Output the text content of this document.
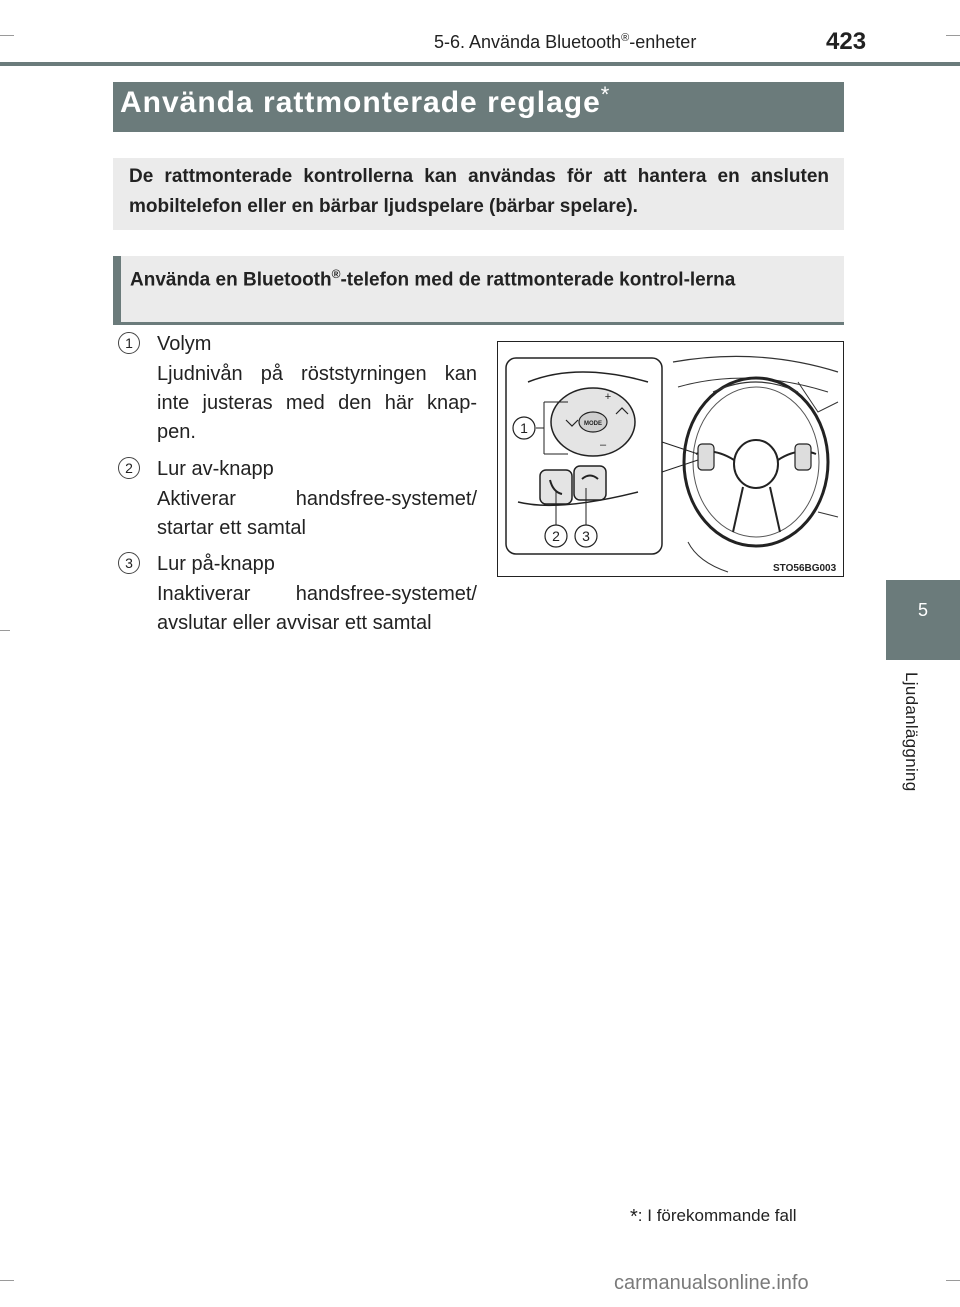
5-6. Använda Bluetooth®-enheter	423
5
Ljudanläggning
Använda rattmonterade reglage*
De rattmonterade kontrollerna kan användas för att hantera en ansluten mobiltelefon eller en bärbar ljudspelare (bärbar spelare).
Använda en Bluetooth®-telefon med de rattmonterade kontrol-lerna
1	Volym
Ljudnivån på röststyrningen kan inte justeras med den här knap-pen.
2	Lur av-knapp
Aktiverar handsfree-systemet/ startar ett samtal
3	Lur på-knapp
Inaktiverar handsfree-systemet/ avslutar eller avvisar ett samtal
MODE
+
–
1
2 3
STO56BG003
*: I förekommande fall
carmanualsonline.info
